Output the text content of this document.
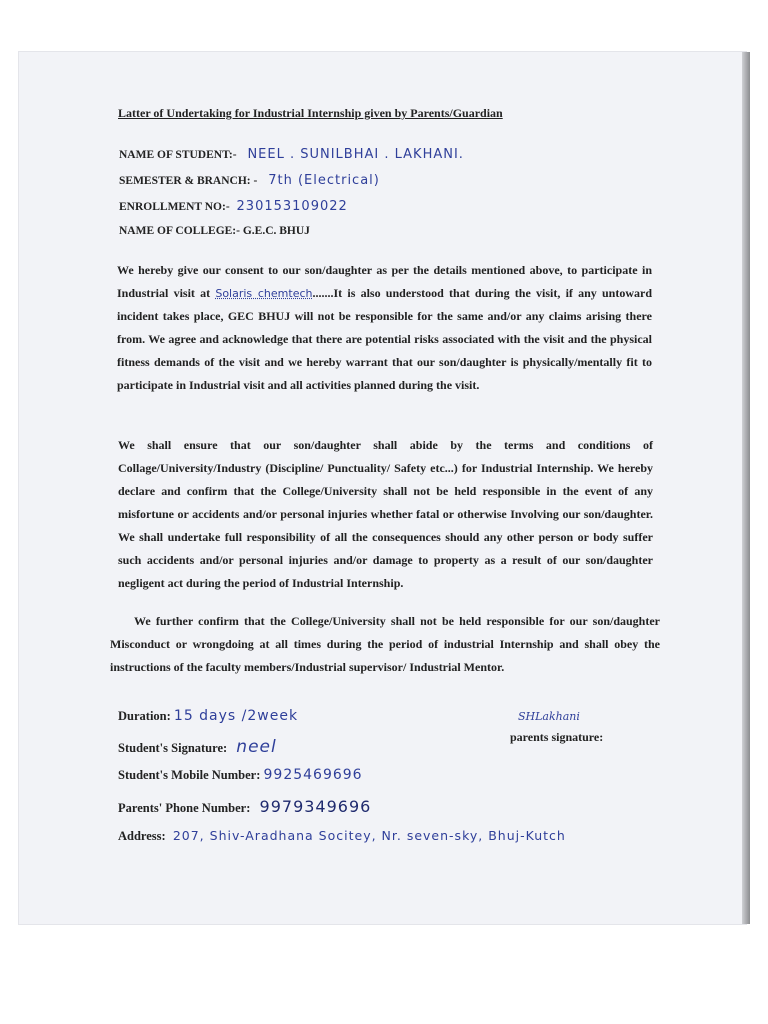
Latter of Undertaking for Industrial Internship given by Parents/Guardian
NAME OF STUDENT:- NEEL . SUNILBHAI . LAKHANI.
SEMESTER & BRANCH: - 7th (Electrical)
ENROLLMENT NO:- 230153109022
NAME OF COLLEGE:- G.E.C. BHUJ
We hereby give our consent to our son/daughter as per the details mentioned above, to participate in Industrial visit at Solaris chemtech.......It is also understood that during the visit, if any untoward incident takes place, GEC BHUJ will not be responsible for the same and/or any claims arising there from. We agree and acknowledge that there are potential risks associated with the visit and the physical fitness demands of the visit and we hereby warrant that our son/daughter is physically/mentally fit to participate in Industrial visit and all activities planned during the visit.
We shall ensure that our son/daughter shall abide by the terms and conditions of Collage/University/Industry (Discipline/ Punctuality/ Safety etc...) for Industrial Internship. We hereby declare and confirm that the College/University shall not be held responsible in the event of any misfortune or accidents and/or personal injuries whether fatal or otherwise Involving our son/daughter. We shall undertake full responsibility of all the consequences should any other person or body suffer such accidents and/or personal injuries and/or damage to property as a result of our son/daughter negligent act during the period of Industrial Internship.
We further confirm that the College/University shall not be held responsible for our son/daughter Misconduct or wrongdoing at all times during the period of industrial Internship and shall obey the instructions of the faculty members/Industrial supervisor/ Industrial Mentor.
Duration: 15 days /2week
Student's Signature: neel
Student's Mobile Number: 9925469696
Parents' Phone Number: 9979349696
Address: 207, Shiv-Aradhana Socitey, Nr. seven-sky, Bhuj-Kutch
SHLakhani
parents signature:
